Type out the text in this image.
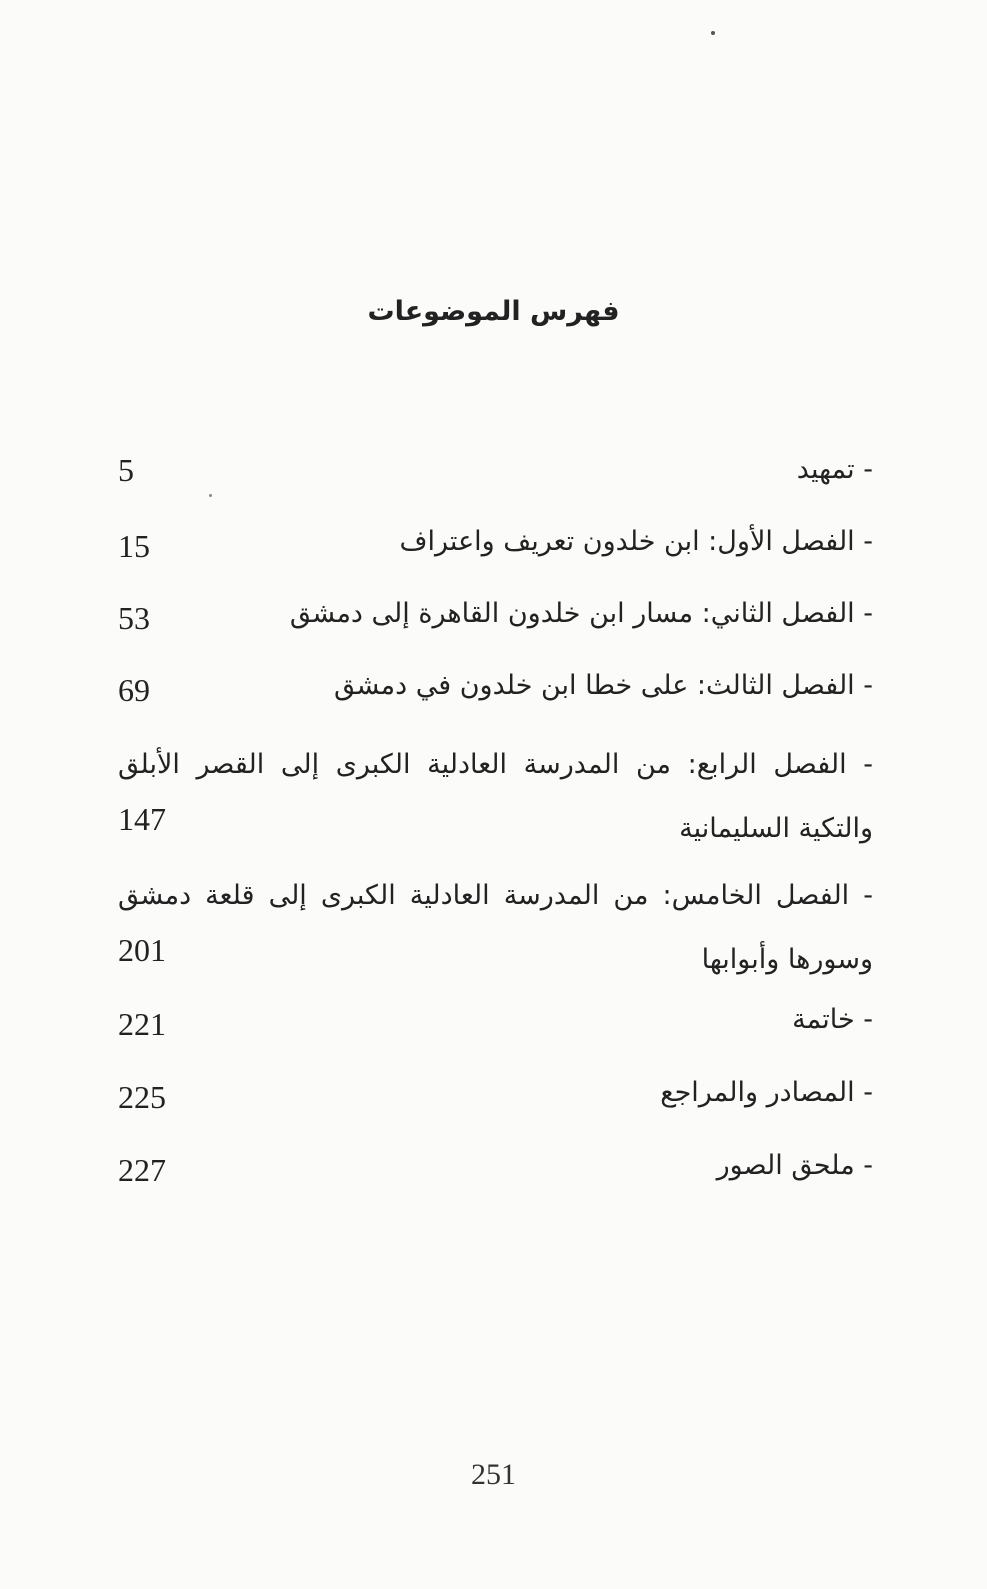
فهرس الموضوعات
- تمهيد
5
- الفصل الأول: ابن خلدون تعريف واعتراف
15
- الفصل الثاني: مسار ابن خلدون القاهرة إلى دمشق
53
- الفصل الثالث: على خطا ابن خلدون في دمشق
69
- الفصل الرابع: من المدرسة العادلية الكبرى إلى القصر الأبلق والتكية السليمانية
147
- الفصل الخامس: من المدرسة العادلية الكبرى إلى قلعة دمشق وسورها وأبوابها
201
- خاتمة
221
- المصادر والمراجع
225
- ملحق الصور
227
251
